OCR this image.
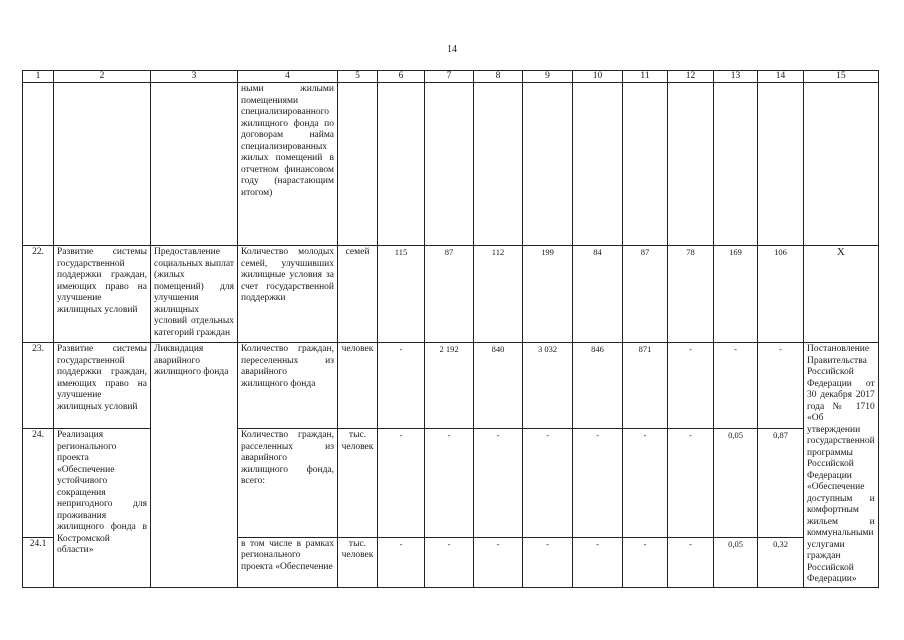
14
1	2	3	4	5	6	7	8	9	10	11	12	13	14	15
			ными жилыми помещениями специализированного жилищного фонда по договорам найма специализированных жилых помещений в отчетном финансовом году (нарастающим итогом)											
22.	Развитие системы государственной поддержки граждан, имеющих право на улучшение жилищных условий	Предоставление социальных выплат (жилых помещений) для улучшения жилищных условий отдельных категорий граждан	Количество молодых семей, улучшивших жилищные условия за счет государственной поддержки	семей	115	87	112	199	84	87	78	169	106	Х
23.	Развитие системы государственной поддержки граждан, имеющих право на улучшение жилищных условий	Ликвидация аварийного жилищного фонда	Количество граждан, переселенных из аварийного жилищного фонда	человек	-	2 192	840	3 032	846	871	-	-	-	Постановление Правительства Российской Федерации от 30 декабря 2017 года № 1710 «Об утверждении государственной программы Российской Федерации «Обеспечение доступным и комфортным жильем и коммунальными услугами граждан Российской Федерации»
24.	Реализация регионального проекта «Обеспечение устойчивого сокращения непригодного для проживания жилищного фонда в Костромской области»		Количество граждан, расселенных из аварийного жилищного фонда, всего:	тыс. человек	-	-	-	-	-	-	-	0,05	0,87	
24.1			в том числе в рамках регионального проекта «Обеспечение	тыс. человек	-	-	-	-	-	-	-	0,05	0,32	
